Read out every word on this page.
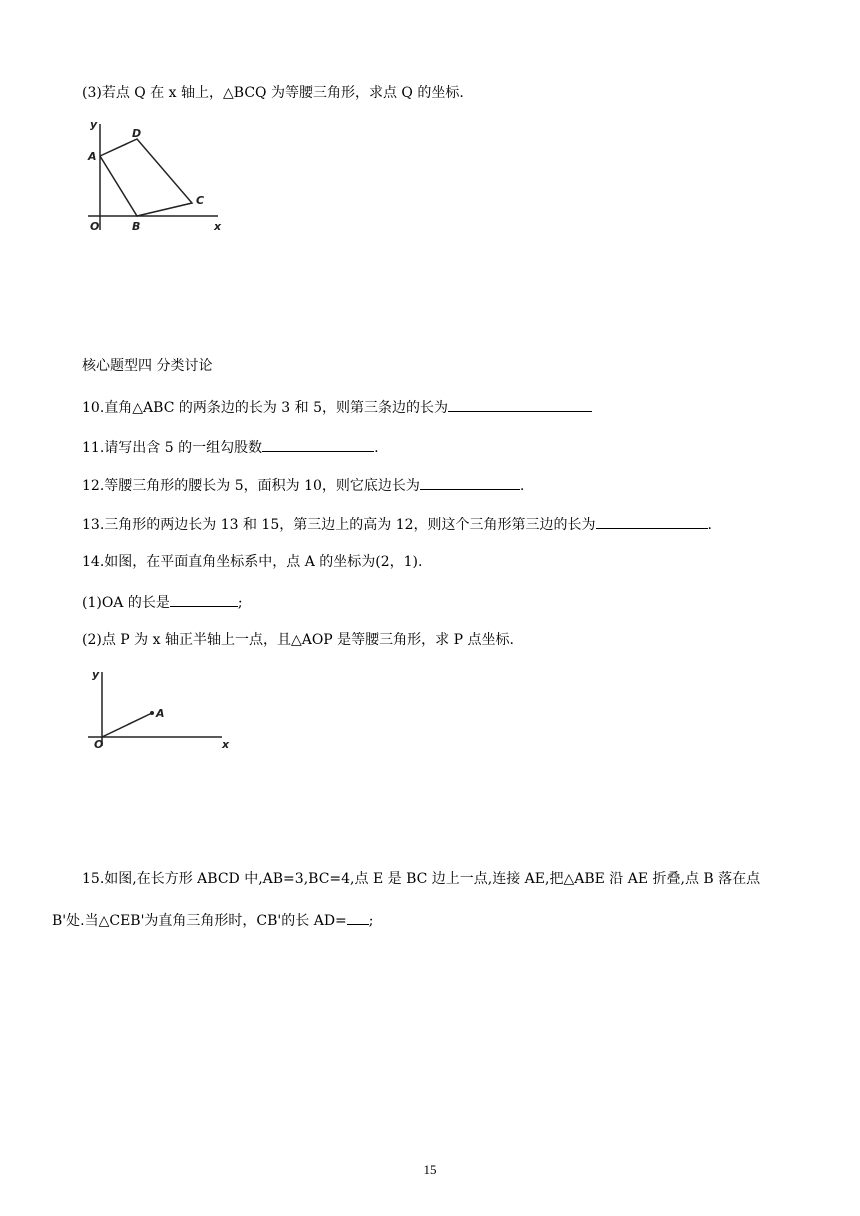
(3)若点 Q 在 x 轴上，△BCQ 为等腰三角形，求点 Q 的坐标.
y
x
O
A
B
C
D
核心题型四 分类讨论
10.直角△ABC 的两条边的长为 3 和 5，则第三条边的长为
11.请写出含 5 的一组勾股数	.
12.等腰三角形的腰长为 5，面积为 10，则它底边长为	.
13.三角形的两边长为 13 和 15，第三边上的高为 12，则这个三角形第三边的长为	.
14.如图，在平面直角坐标系中，点 A 的坐标为(2，1).
(1)OA 的长是	;
(2)点 P 为 x 轴正半轴上一点，且△AOP 是等腰三角形，求 P 点坐标.
y
x
O
A
15.如图,在长方形 ABCD 中,AB=3,BC=4,点 E 是 BC 边上一点,连接 AE,把△ABE 沿 AE 折叠,点 B 落在点
B'处.当△CEB'为直角三角形时，CB'的长 AD= ;
15
